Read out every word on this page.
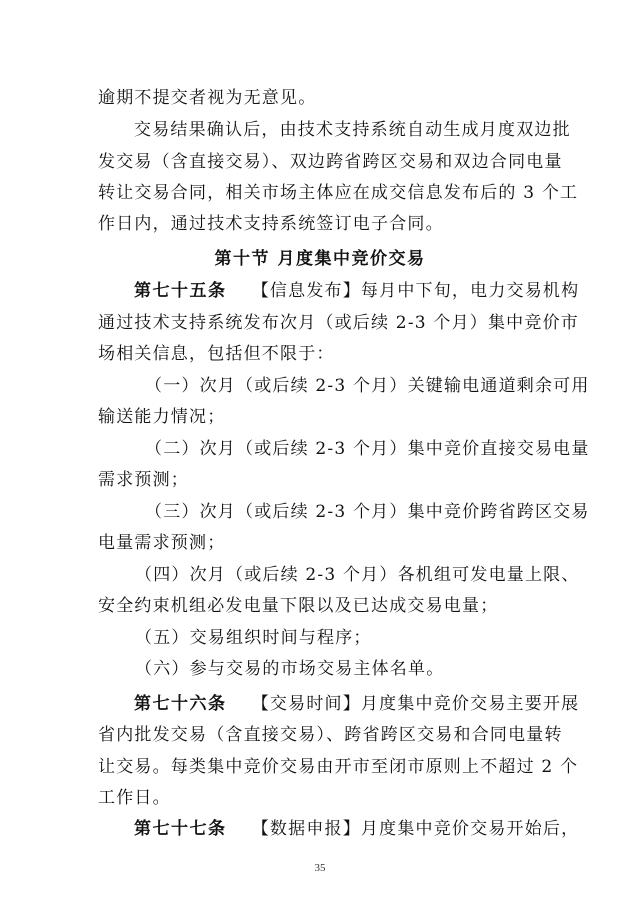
逾期不提交者视为无意见。
交易结果确认后，由技术支持系统自动生成月度双边批
发交易（含直接交易）、双边跨省跨区交易和双边合同电量
转让交易合同，相关市场主体应在成交信息发布后的 3 个工
作日内，通过技术支持系统签订电子合同。
第十节 月度集中竞价交易
第七十五条 【信息发布】每月中下旬，电力交易机构
通过技术支持系统发布次月（或后续 2-3 个月）集中竞价市
场相关信息，包括但不限于：
（一）次月（或后续 2-3 个月）关键输电通道剩余可用
输送能力情况；
（二）次月（或后续 2-3 个月）集中竞价直接交易电量
需求预测；
（三）次月（或后续 2-3 个月）集中竞价跨省跨区交易
电量需求预测；
（四）次月（或后续 2-3 个月）各机组可发电量上限、
安全约束机组必发电量下限以及已达成交易电量；
（五）交易组织时间与程序；
（六）参与交易的市场交易主体名单。
第七十六条 【交易时间】月度集中竞价交易主要开展
省内批发交易（含直接交易）、跨省跨区交易和合同电量转
让交易。每类集中竞价交易由开市至闭市原则上不超过 2 个
工作日。
第七十七条 【数据申报】月度集中竞价交易开始后，
35
